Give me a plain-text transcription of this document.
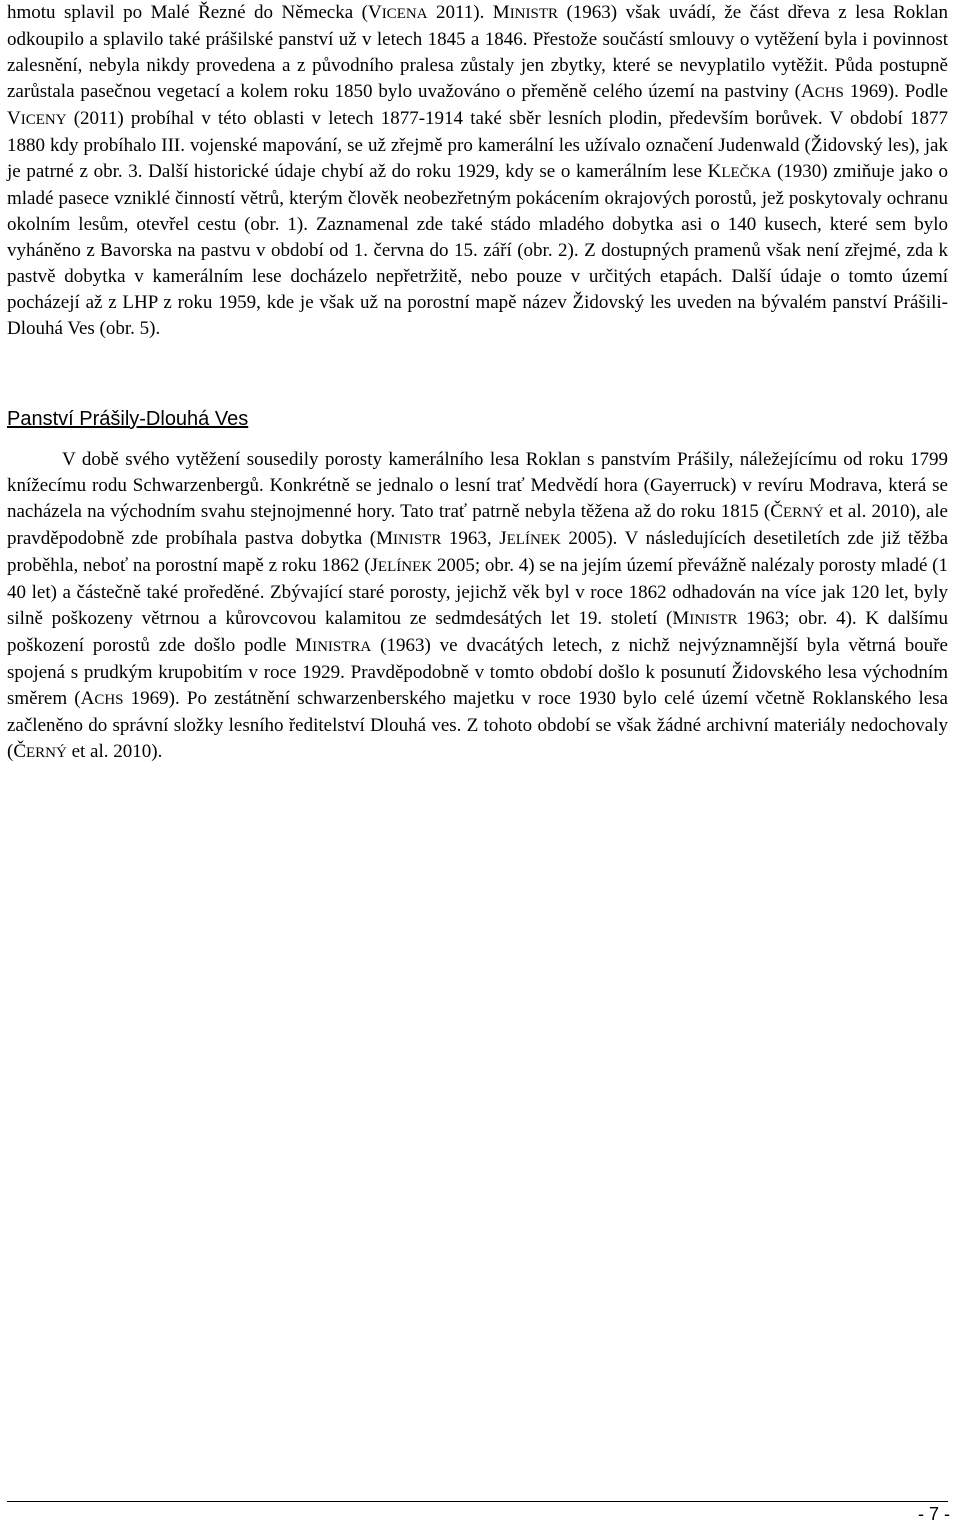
hmotu splavil po Malé Řezné do Německa (VICENA 2011). MINISTR (1963) však uvádí, že část dřeva z lesa Roklan odkoupilo a splavilo také prášilské panství už v letech 1845 a 1846. Přestože součástí smlouvy o vytěžení byla i povinnost zalesnění, nebyla nikdy provedena a z původního pralesa zůstaly jen zbytky, které se nevyplatilo vytěžit. Půda postupně zarůstala pasečnou vegetací a kolem roku 1850 bylo uvažováno o přeměně celého území na pastviny (ACHS 1969). Podle VICENY (2011) probíhal v této oblasti v letech 1877-1914 také sběr lesních plodin, především borůvek. V období 1877 1880 kdy probíhalo III. vojenské mapování, se už zřejmě pro kamerální les užívalo označení Judenwald (Židovský les), jak je patrné z obr. 3. Další historické údaje chybí až do roku 1929, kdy se o kamerálním lese KLEČKA (1930) zmiňuje jako o mladé pasece vzniklé činností větrů, kterým člověk neobezřetným pokácením okrajových porostů, jež poskytovaly ochranu okolním lesům, otevřel cestu (obr. 1). Zaznamenal zde také stádo mladého dobytka asi o 140 kusech, které sem bylo vyháněno z Bavorska na pastvu v období od 1. června do 15. září (obr. 2). Z dostupných pramenů však není zřejmé, zda k pastvě dobytka v kamerálním lese docházelo nepřetržitě, nebo pouze v určitých etapách. Další údaje o tomto území pocházejí až z LHP z roku 1959, kde je však už na porostní mapě název Židovský les uveden na bývalém panství Prášili-Dlouhá Ves (obr. 5).

Panství Prášily-Dlouhá Ves

V době svého vytěžení sousedily porosty kamerálního lesa Roklan s panstvím Prášily, náležejícímu od roku 1799 knížecímu rodu Schwarzenbergů. Konkrétně se jednalo o lesní trať Medvědí hora (Gayerruck) v revíru Modrava, která se nacházela na východním svahu stejnojmenné hory. Tato trať patrně nebyla těžena až do roku 1815 (ČERNÝ et al. 2010), ale pravděpodobně zde probíhala pastva dobytka (MINISTR 1963, JELÍNEK 2005). V následujících desetiletích zde již těžba proběhla, neboť na porostní mapě z roku 1862 (JELÍNEK 2005; obr. 4) se na jejím území převážně nalézaly porosty mladé (1 40 let) a částečně také proředěné. Zbývající staré porosty, jejichž věk byl v roce 1862 odhadován na více jak 120 let, byly silně poškozeny větrnou a kůrovcovou kalamitou ze sedmdesátých let 19. století (MINISTR 1963; obr. 4). K dalšímu poškození porostů zde došlo podle MINISTRA (1963) ve dvacátých letech, z nichž nejvýznamnější byla větrná bouře spojená s prudkým krupobitím v roce 1929. Pravděpodobně v tomto období došlo k posunutí Židovského lesa východním směrem (ACHS 1969). Po zestátnění schwarzenberského majetku v roce 1930 bylo celé území včetně Roklanského lesa začleněno do správní složky lesního ředitelství Dlouhá ves. Z tohoto období se však žádné archivní materiály nedochovaly (ČERNÝ et al. 2010).

- 7 -
